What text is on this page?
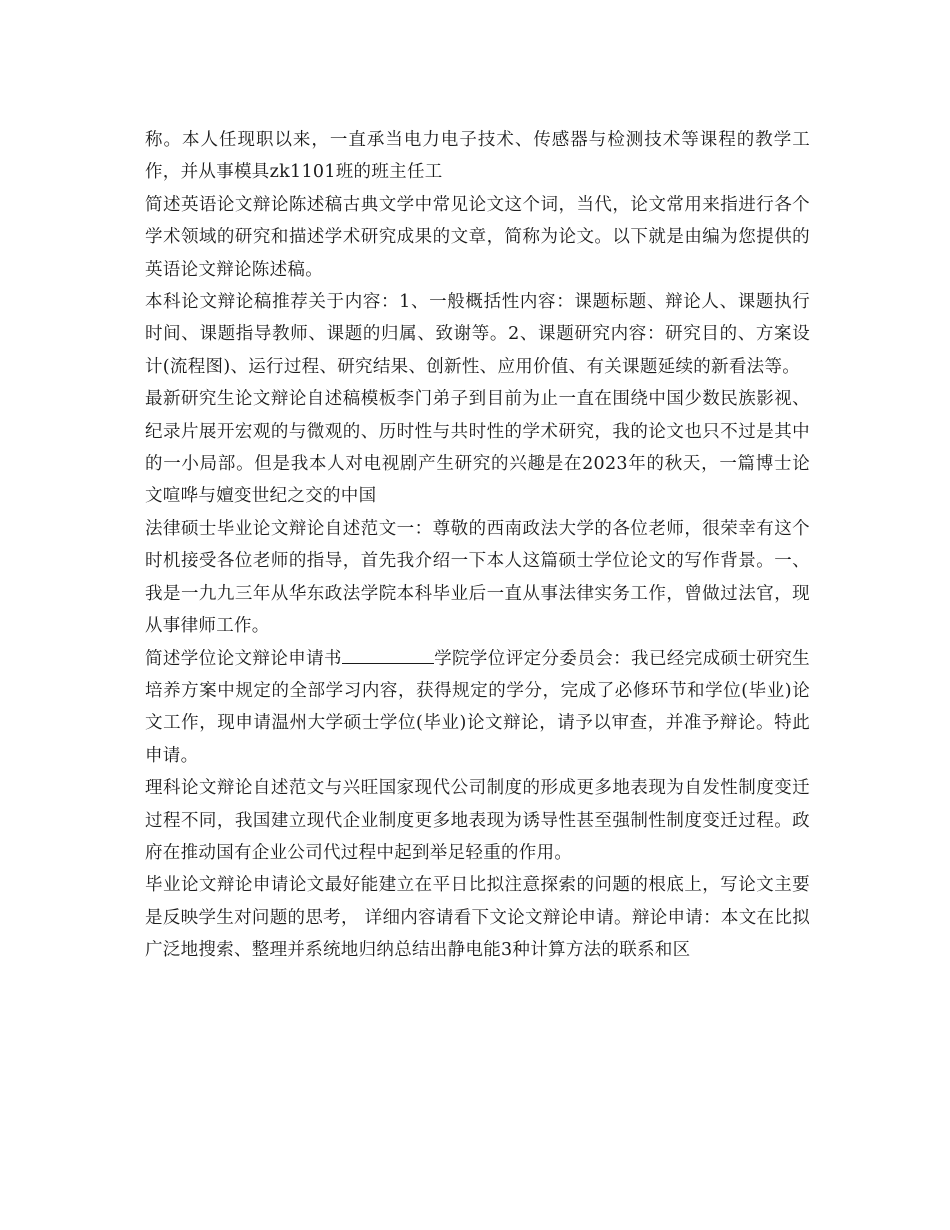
称。本人任现职以来，一直承当电力电子技术、传感器与检测技术等课程的教学工作，并从事模具zk1101班的班主任工

简述英语论文辩论陈述稿古典文学中常见论文这个词，当代，论文常用来指进行各个学术领域的研究和描述学术研究成果的文章，简称为论文。以下就是由编为您提供的英语论文辩论陈述稿。

本科论文辩论稿推荐关于内容：1、一般概括性内容：课题标题、辩论人、课题执行时间、课题指导教师、课题的归属、致谢等。2、课题研究内容：研究目的、方案设计(流程图)、运行过程、研究结果、创新性、应用价值、有关课题延续的新看法等。

最新研究生论文辩论自述稿模板李门弟子到目前为止一直在围绕中国少数民族影视、纪录片展开宏观的与微观的、历时性与共时性的学术研究，我的论文也只不过是其中的一小局部。但是我本人对电视剧产生研究的兴趣是在2023年的秋天，一篇博士论文喧哗与嬗变世纪之交的中国

法律硕士毕业论文辩论自述范文一：尊敬的西南政法大学的各位老师，很荣幸有这个时机接受各位老师的指导，首先我介绍一下本人这篇硕士学位论文的写作背景。一、我是一九九三年从华东政法学院本科毕业后一直从事法律实务工作，曾做过法官，现从事律师工作。

简述学位论文辩论申请书	学院学位评定分委员会：我已经完成硕士研究生培养方案中规定的全部学习内容，获得规定的学分，完成了必修环节和学位(毕业)论文工作，现申请温州大学硕士学位(毕业)论文辩论，请予以审查，并准予辩论。特此申请。

理科论文辩论自述范文与兴旺国家现代公司制度的形成更多地表现为自发性制度变迁过程不同，我国建立现代企业制度更多地表现为诱导性甚至强制性制度变迁过程。政府在推动国有企业公司代过程中起到举足轻重的作用。

毕业论文辩论申请论文最好能建立在平日比拟注意探索的问题的根底上，写论文主要是反映学生对问题的思考， 详细内容请看下文论文辩论申请。辩论申请：本文在比拟广泛地搜索、整理并系统地归纳总结出静电能3种计算方法的联系和区
